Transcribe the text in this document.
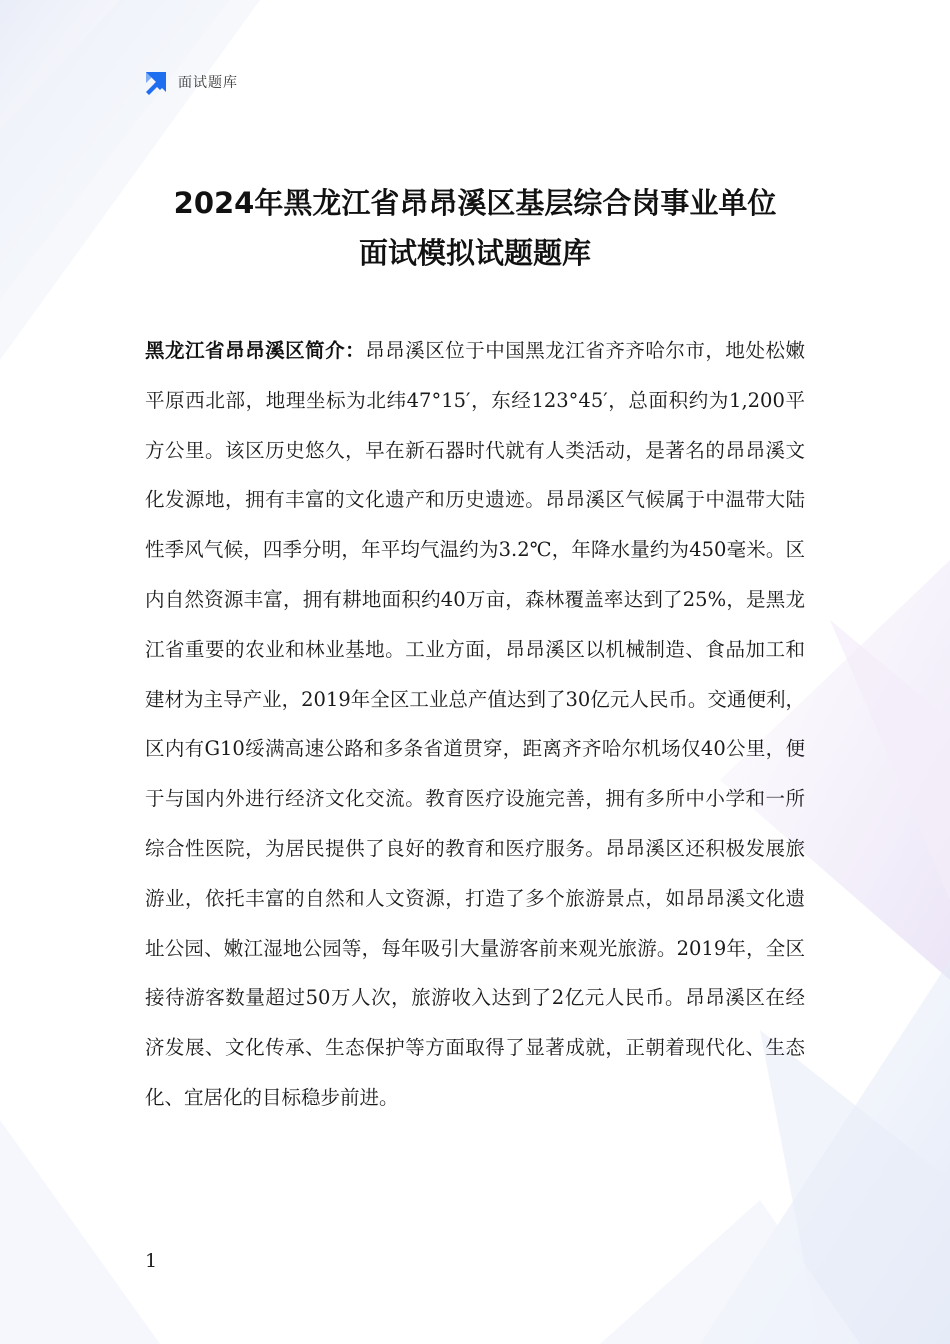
面试题库
2024年黑龙江省昂昂溪区基层综合岗事业单位
面试模拟试题题库
黑龙江省昂昂溪区简介：昂昂溪区位于中国黑龙江省齐齐哈尔市，地处松嫩平原西北部，地理坐标为北纬47°15′，东经123°45′，总面积约为1,200平方公里。该区历史悠久，早在新石器时代就有人类活动，是著名的昂昂溪文化发源地，拥有丰富的文化遗产和历史遗迹。昂昂溪区气候属于中温带大陆性季风气候，四季分明，年平均气温约为3.2℃，年降水量约为450毫米。区内自然资源丰富，拥有耕地面积约40万亩，森林覆盖率达到了25%，是黑龙江省重要的农业和林业基地。工业方面，昂昂溪区以机械制造、食品加工和建材为主导产业，2019年全区工业总产值达到了30亿元人民币。交通便利，区内有G10绥满高速公路和多条省道贯穿，距离齐齐哈尔机场仅40公里，便于与国内外进行经济文化交流。教育医疗设施完善，拥有多所中小学和一所综合性医院，为居民提供了良好的教育和医疗服务。昂昂溪区还积极发展旅游业，依托丰富的自然和人文资源，打造了多个旅游景点，如昂昂溪文化遗址公园、嫩江湿地公园等，每年吸引大量游客前来观光旅游。2019年，全区接待游客数量超过50万人次，旅游收入达到了2亿元人民币。昂昂溪区在经济发展、文化传承、生态保护等方面取得了显著成就，正朝着现代化、生态化、宜居化的目标稳步前进。
1
